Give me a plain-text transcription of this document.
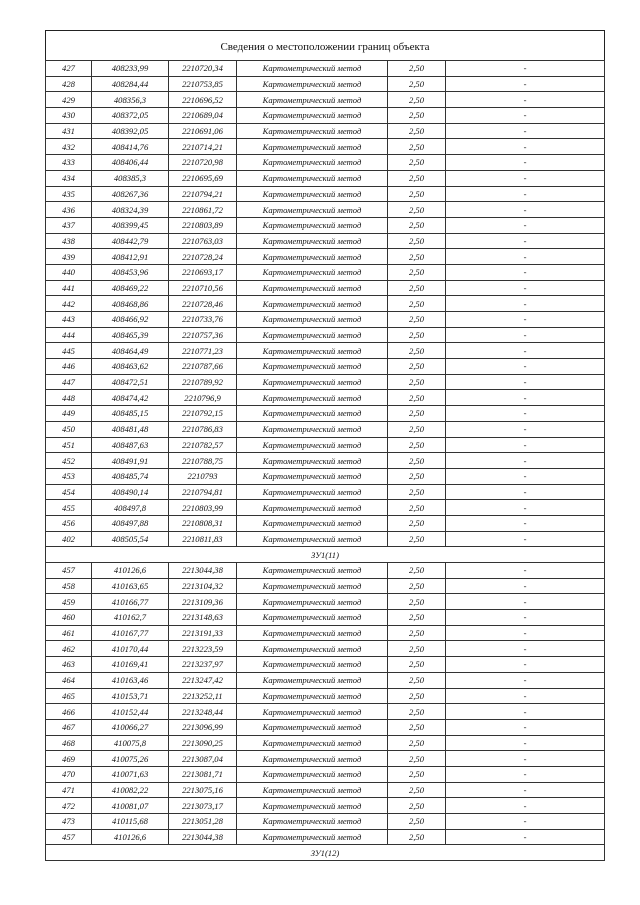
Сведения о местоположении границ объекта
427	408233,99	2210720,34	Картометрический метод	2,50	-
428	408284,44	2210753,85	Картометрический метод	2,50	-
429	408356,3	2210696,52	Картометрический метод	2,50	-
430	408372,05	2210689,04	Картометрический метод	2,50	-
431	408392,05	2210691,06	Картометрический метод	2,50	-
432	408414,76	2210714,21	Картометрический метод	2,50	-
433	408406,44	2210720,98	Картометрический метод	2,50	-
434	408385,3	2210695,69	Картометрический метод	2,50	-
435	408267,36	2210794,21	Картометрический метод	2,50	-
436	408324,39	2210861,72	Картометрический метод	2,50	-
437	408399,45	2210803,89	Картометрический метод	2,50	-
438	408442,79	2210763,03	Картометрический метод	2,50	-
439	408412,91	2210728,24	Картометрический метод	2,50	-
440	408453,96	2210693,17	Картометрический метод	2,50	-
441	408469,22	2210710,56	Картометрический метод	2,50	-
442	408468,86	2210728,46	Картометрический метод	2,50	-
443	408466,92	2210733,76	Картометрический метод	2,50	-
444	408465,39	2210757,36	Картометрический метод	2,50	-
445	408464,49	2210771,23	Картометрический метод	2,50	-
446	408463,62	2210787,66	Картометрический метод	2,50	-
447	408472,51	2210789,92	Картометрический метод	2,50	-
448	408474,42	2210796,9	Картометрический метод	2,50	-
449	408485,15	2210792,15	Картометрический метод	2,50	-
450	408481,48	2210786,83	Картометрический метод	2,50	-
451	408487,63	2210782,57	Картометрический метод	2,50	-
452	408491,91	2210788,75	Картометрический метод	2,50	-
453	408485,74	2210793	Картометрический метод	2,50	-
454	408490,14	2210794,81	Картометрический метод	2,50	-
455	408497,8	2210803,99	Картометрический метод	2,50	-
456	408497,88	2210808,31	Картометрический метод	2,50	-
402	408505,54	2210811,83	Картометрический метод	2,50	-
ЗУ1(11)					
457	410126,6	2213044,38	Картометрический метод	2,50	-
458	410163,65	2213104,32	Картометрический метод	2,50	-
459	410166,77	2213109,36	Картометрический метод	2,50	-
460	410162,7	2213148,63	Картометрический метод	2,50	-
461	410167,77	2213191,33	Картометрический метод	2,50	-
462	410170,44	2213223,59	Картометрический метод	2,50	-
463	410169,41	2213237,97	Картометрический метод	2,50	-
464	410163,46	2213247,42	Картометрический метод	2,50	-
465	410153,71	2213252,11	Картометрический метод	2,50	-
466	410152,44	2213248,44	Картометрический метод	2,50	-
467	410066,27	2213096,99	Картометрический метод	2,50	-
468	410075,8	2213090,25	Картометрический метод	2,50	-
469	410075,26	2213087,04	Картометрический метод	2,50	-
470	410071,63	2213081,71	Картометрический метод	2,50	-
471	410082,22	2213075,16	Картометрический метод	2,50	-
472	410081,07	2213073,17	Картометрический метод	2,50	-
473	410115,68	2213051,28	Картометрический метод	2,50	-
457	410126,6	2213044,38	Картометрический метод	2,50	-
ЗУ1(12)					
